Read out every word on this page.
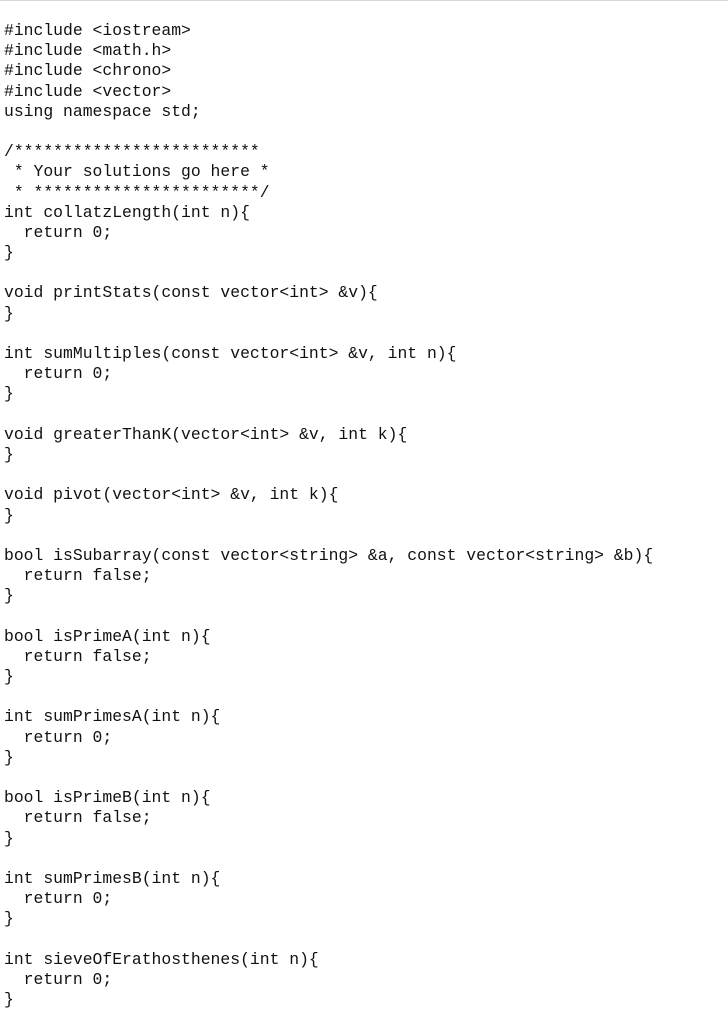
#include <iostream>
#include <math.h>
#include <chrono>
#include <vector>
using namespace std;
/*************************
* Your solutions go here *
* ***********************/
int collatzLength(int n){
return 0;
}
void printStats(const vector<int> &v){
}
int sumMultiples(const vector<int> &v, int n){
return 0;
}
void greaterThanK(vector<int> &v, int k){
}
void pivot(vector<int> &v, int k){
}
bool isSubarray(const vector<string> &a, const vector<string> &b){
return false;
}
bool isPrimeA(int n){
return false;
}
int sumPrimesA(int n){
return 0;
}
bool isPrimeB(int n){
return false;
}
int sumPrimesB(int n){
return 0;
}
int sieveOfErathosthenes(int n){
return 0;
}
